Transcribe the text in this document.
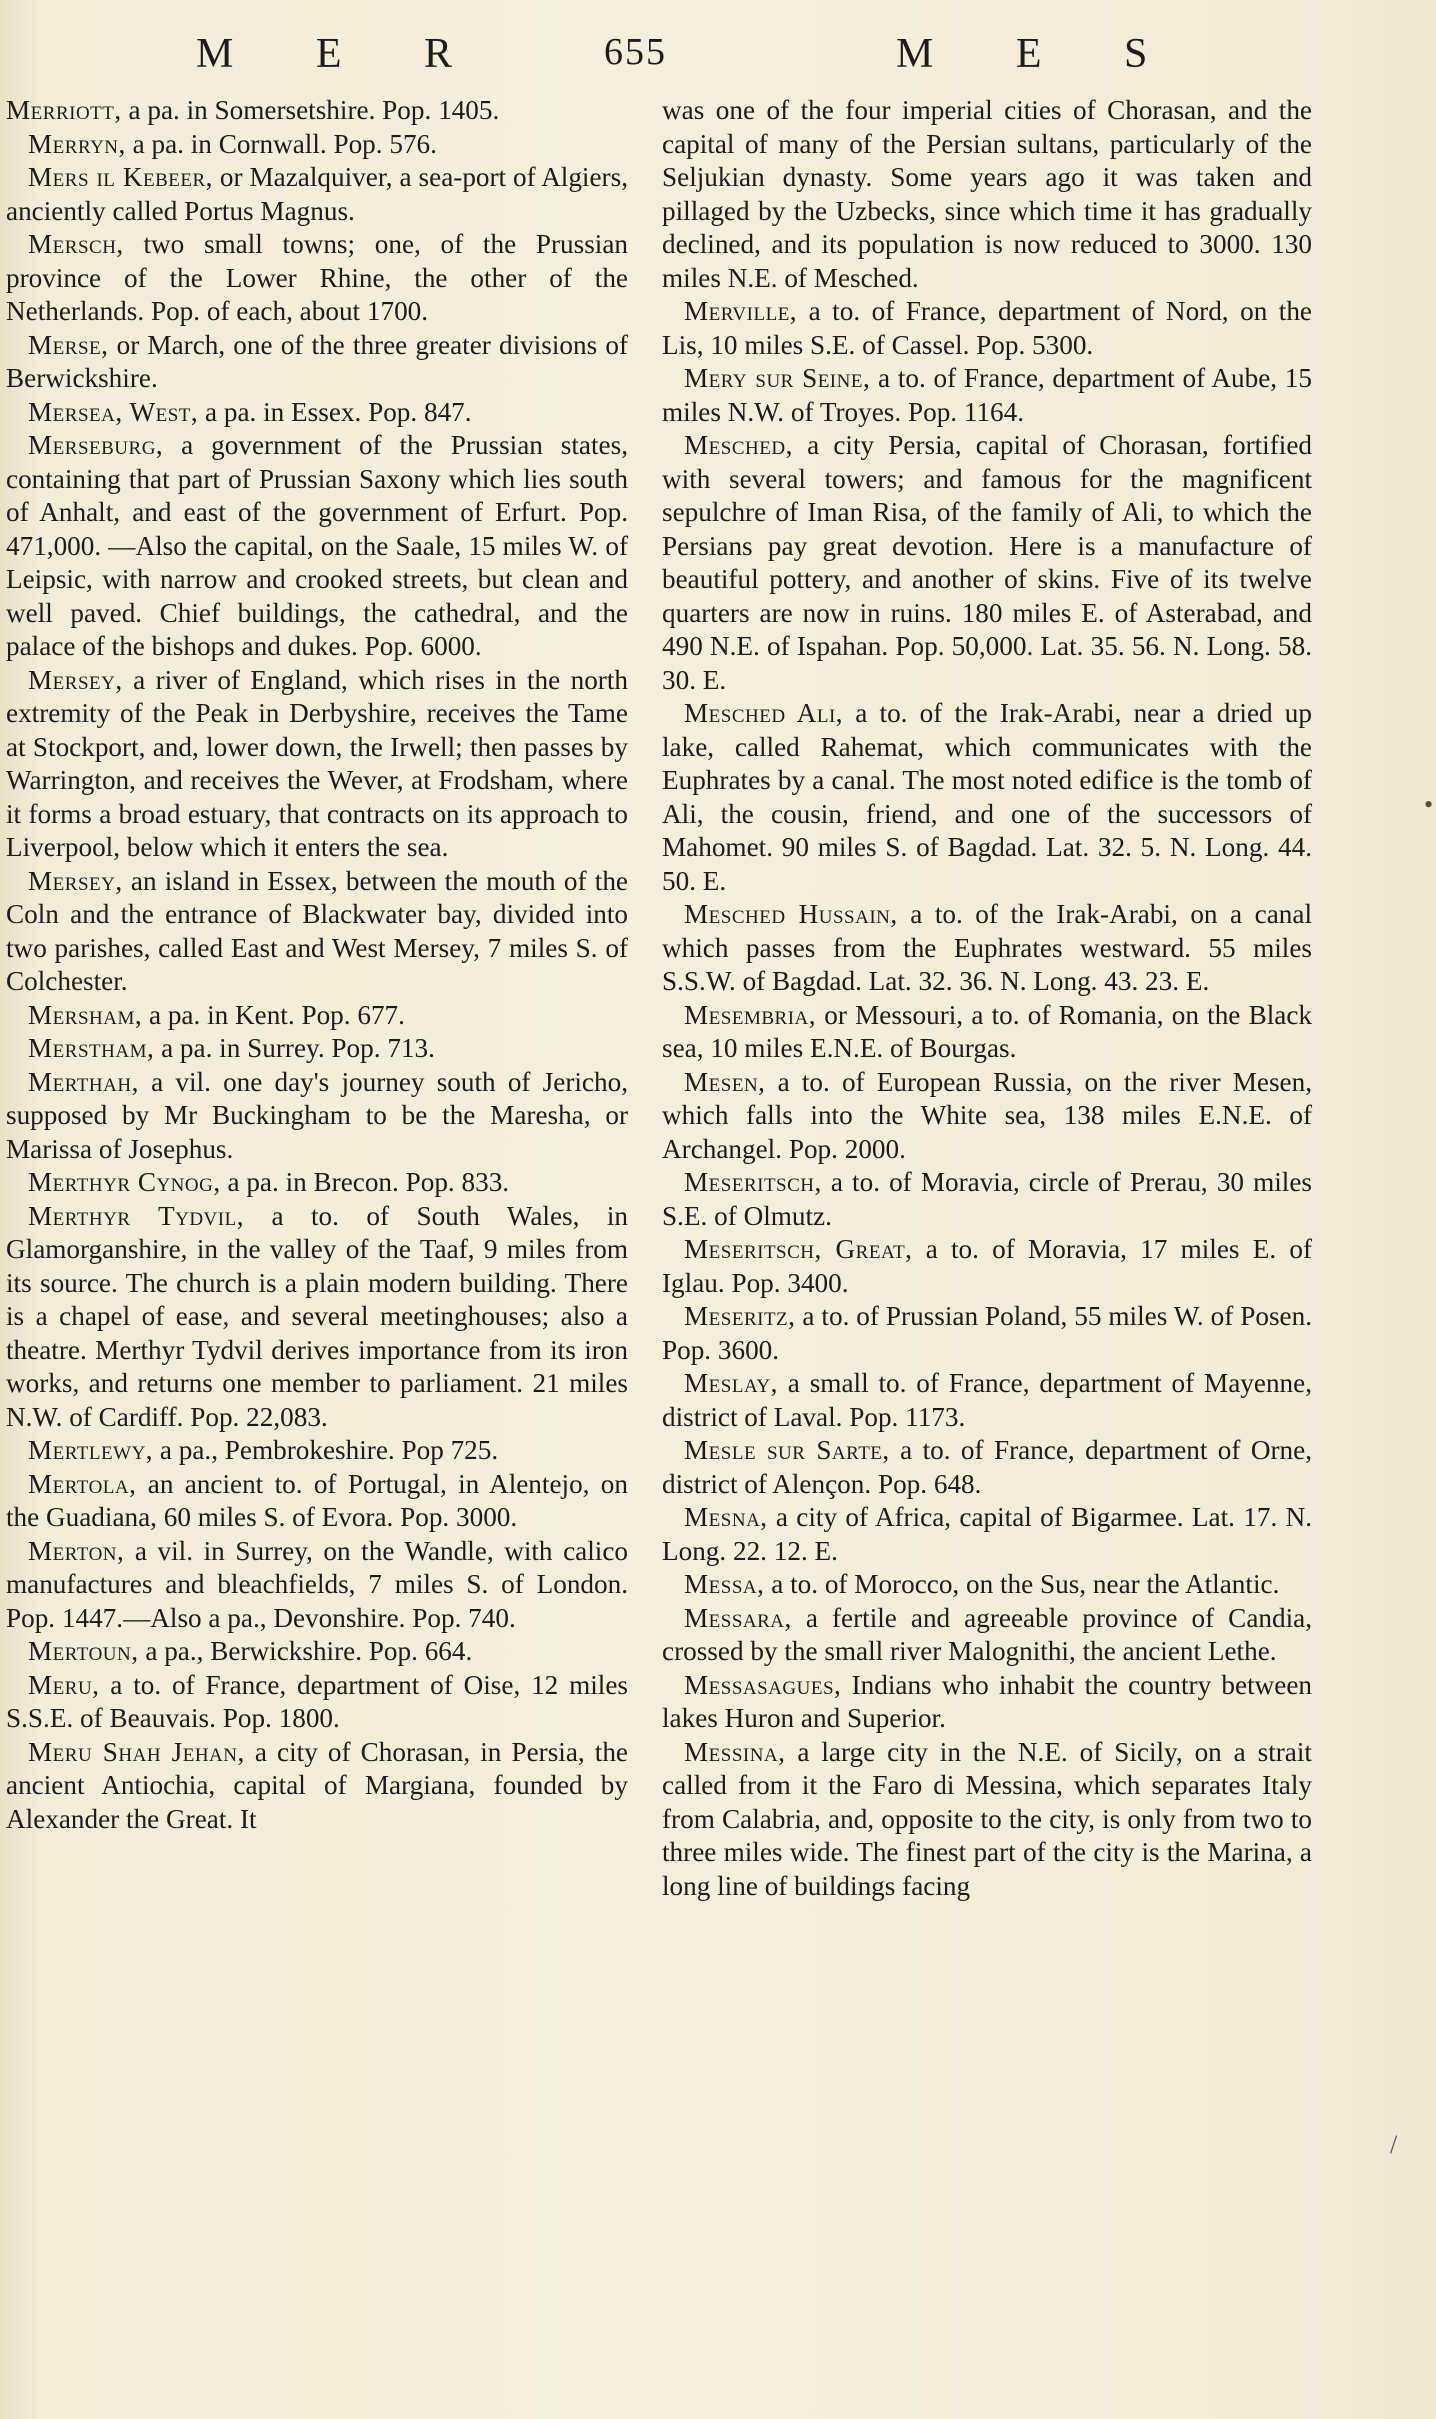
M E R	655	M E S

Merriott, a pa. in Somersetshire. Pop. 1405.

Merryn, a pa. in Cornwall. Pop. 576.

Mers il Kebeer, or Mazalquiver, a sea-port of Algiers, anciently called Portus Magnus.

Mersch, two small towns; one, of the Prussian province of the Lower Rhine, the other of the Netherlands. Pop. of each, about 1700.

Merse, or March, one of the three greater divisions of Berwickshire.

Mersea, West, a pa. in Essex. Pop. 847.

Merseburg, a government of the Prussian states, containing that part of Prussian Saxony which lies south of Anhalt, and east of the government of Erfurt. Pop. 471,000. —Also the capital, on the Saale, 15 miles W. of Leipsic, with narrow and crooked streets, but clean and well paved. Chief buildings, the cathedral, and the palace of the bishops and dukes. Pop. 6000.

Mersey, a river of England, which rises in the north extremity of the Peak in Derbyshire, receives the Tame at Stockport, and, lower down, the Irwell; then passes by Warrington, and receives the Wever, at Frodsham, where it forms a broad estuary, that contracts on its approach to Liverpool, below which it enters the sea.

Mersey, an island in Essex, between the mouth of the Coln and the entrance of Blackwater bay, divided into two parishes, called East and West Mersey, 7 miles S. of Colchester.

Mersham, a pa. in Kent. Pop. 677.

Merstham, a pa. in Surrey. Pop. 713.

Merthah, a vil. one day's journey south of Jericho, supposed by Mr Buckingham to be the Maresha, or Marissa of Josephus.

Merthyr Cynog, a pa. in Brecon. Pop. 833.

Merthyr Tydvil, a to. of South Wales, in Glamorganshire, in the valley of the Taaf, 9 miles from its source. The church is a plain modern building. There is a chapel of ease, and several meetinghouses; also a theatre. Merthyr Tydvil derives importance from its iron works, and returns one member to parliament. 21 miles N.W. of Cardiff. Pop. 22,083.

Mertlewy, a pa., Pembrokeshire. Pop 725.

Mertola, an ancient to. of Portugal, in Alentejo, on the Guadiana, 60 miles S. of Evora. Pop. 3000.

Merton, a vil. in Surrey, on the Wandle, with calico manufactures and bleachfields, 7 miles S. of London. Pop. 1447.—Also a pa., Devonshire. Pop. 740.

Mertoun, a pa., Berwickshire. Pop. 664.

Meru, a to. of France, department of Oise, 12 miles S.S.E. of Beauvais. Pop. 1800.

Meru Shah Jehan, a city of Chorasan, in Persia, the ancient Antiochia, capital of Margiana, founded by Alexander the Great. It

was one of the four imperial cities of Chorasan, and the capital of many of the Persian sultans, particularly of the Seljukian dynasty. Some years ago it was taken and pillaged by the Uzbecks, since which time it has gradually declined, and its population is now reduced to 3000. 130 miles N.E. of Mesched.

Merville, a to. of France, department of Nord, on the Lis, 10 miles S.E. of Cassel. Pop. 5300.

Mery sur Seine, a to. of France, department of Aube, 15 miles N.W. of Troyes. Pop. 1164.

Mesched, a city Persia, capital of Chorasan, fortified with several towers; and famous for the magnificent sepulchre of Iman Risa, of the family of Ali, to which the Persians pay great devotion. Here is a manufacture of beautiful pottery, and another of skins. Five of its twelve quarters are now in ruins. 180 miles E. of Asterabad, and 490 N.E. of Ispahan. Pop. 50,000. Lat. 35. 56. N. Long. 58. 30. E.

Mesched Ali, a to. of the Irak-Arabi, near a dried up lake, called Rahemat, which communicates with the Euphrates by a canal. The most noted edifice is the tomb of Ali, the cousin, friend, and one of the successors of Mahomet. 90 miles S. of Bagdad. Lat. 32. 5. N. Long. 44. 50. E.

Mesched Hussain, a to. of the Irak-Arabi, on a canal which passes from the Euphrates westward. 55 miles S.S.W. of Bagdad. Lat. 32. 36. N. Long. 43. 23. E.

Mesembria, or Messouri, a to. of Romania, on the Black sea, 10 miles E.N.E. of Bourgas.

Mesen, a to. of European Russia, on the river Mesen, which falls into the White sea, 138 miles E.N.E. of Archangel. Pop. 2000.

Meseritsch, a to. of Moravia, circle of Prerau, 30 miles S.E. of Olmutz.

Meseritsch, Great, a to. of Moravia, 17 miles E. of Iglau. Pop. 3400.

Meseritz, a to. of Prussian Poland, 55 miles W. of Posen. Pop. 3600.

Meslay, a small to. of France, department of Mayenne, district of Laval. Pop. 1173.

Mesle sur Sarte, a to. of France, department of Orne, district of Alençon. Pop. 648.

Mesna, a city of Africa, capital of Bigarmee. Lat. 17. N. Long. 22. 12. E.

Messa, a to. of Morocco, on the Sus, near the Atlantic.

Messara, a fertile and agreeable province of Candia, crossed by the small river Malognithi, the ancient Lethe.

Messasagues, Indians who inhabit the country between lakes Huron and Superior.

Messina, a large city in the N.E. of Sicily, on a strait called from it the Faro di Messina, which separates Italy from Calabria, and, opposite to the city, is only from two to three miles wide. The finest part of the city is the Marina, a long line of buildings facing

•
/
